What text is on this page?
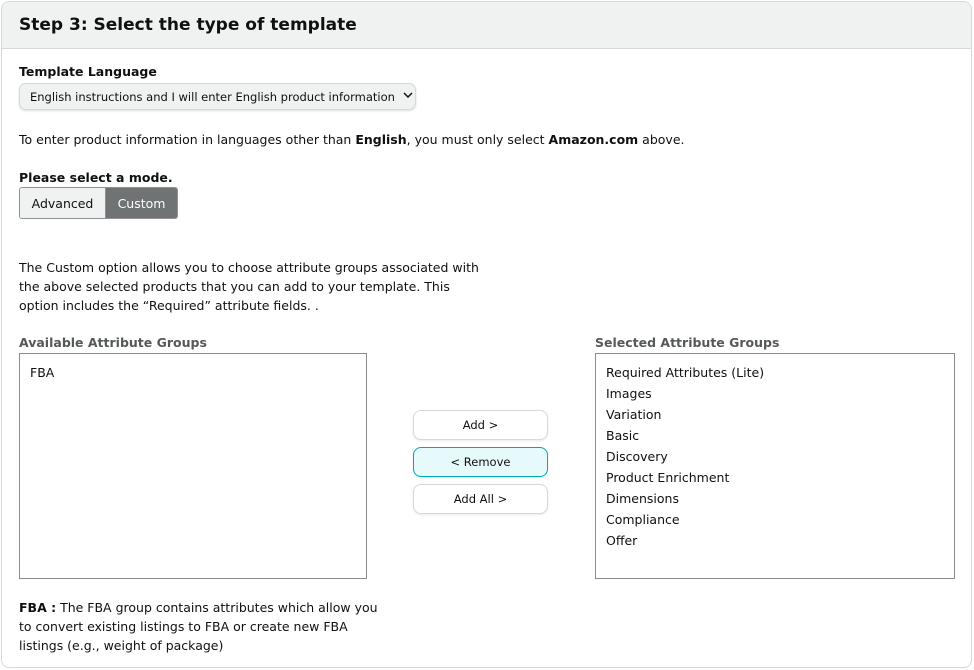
Step 3: Select the type of template
Template Language
English instructions and I will enter English product information
To enter product information in languages other than English, you must only select Amazon.com above.
Please select a mode.
Advanced	Custom
The Custom option allows you to choose attribute groups associated with
the above selected products that you can add to your template. This
option includes the “Required” attribute fields. .
Available Attribute Groups
FBA
Add >
< Remove
Add All >
Selected Attribute Groups
Required Attributes (Lite)
Images
Variation
Basic
Discovery
Product Enrichment
Dimensions
Compliance
Offer
FBA : The FBA group contains attributes which allow you
to convert existing listings to FBA or create new FBA
listings (e.g., weight of package)
